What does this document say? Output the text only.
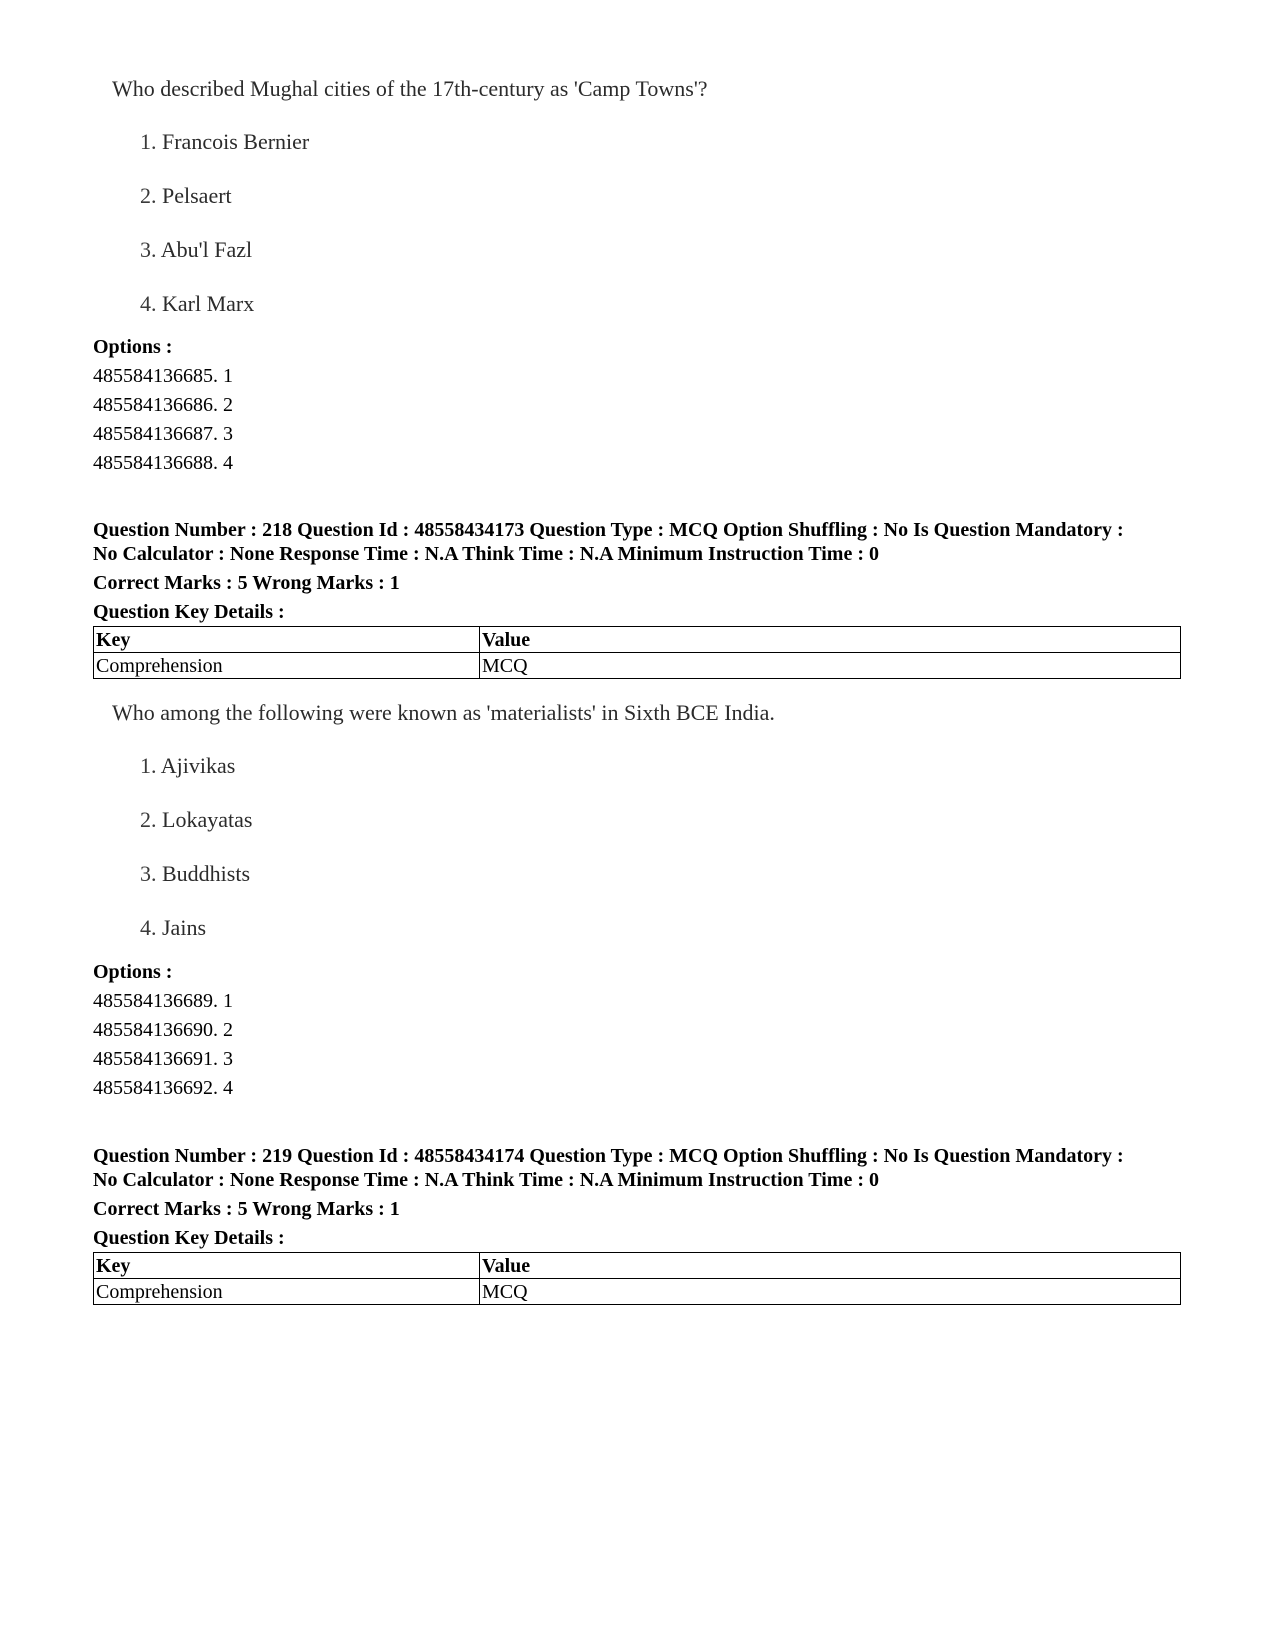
Who described Mughal cities of the 17th-century as 'Camp Towns'?

1. Francois Bernier
2. Pelsaert
3. Abu'l Fazl
4. Karl Marx

Options :

485584136685. 1

485584136686. 2

485584136687. 3

485584136688. 4

Question Number : 218 Question Id : 48558434173 Question Type : MCQ Option Shuffling : No Is Question Mandatory :

No Calculator : None Response Time : N.A Think Time : N.A Minimum Instruction Time : 0

Correct Marks : 5 Wrong Marks : 1

Question Key Details :

Key	Value
Comprehension	MCQ

Who among the following were known as 'materialists' in Sixth BCE India.

1. Ajivikas
2. Lokayatas
3. Buddhists
4. Jains

Options :

485584136689. 1

485584136690. 2

485584136691. 3

485584136692. 4

Question Number : 219 Question Id : 48558434174 Question Type : MCQ Option Shuffling : No Is Question Mandatory :

No Calculator : None Response Time : N.A Think Time : N.A Minimum Instruction Time : 0

Correct Marks : 5 Wrong Marks : 1

Question Key Details :

Key	Value
Comprehension	MCQ
